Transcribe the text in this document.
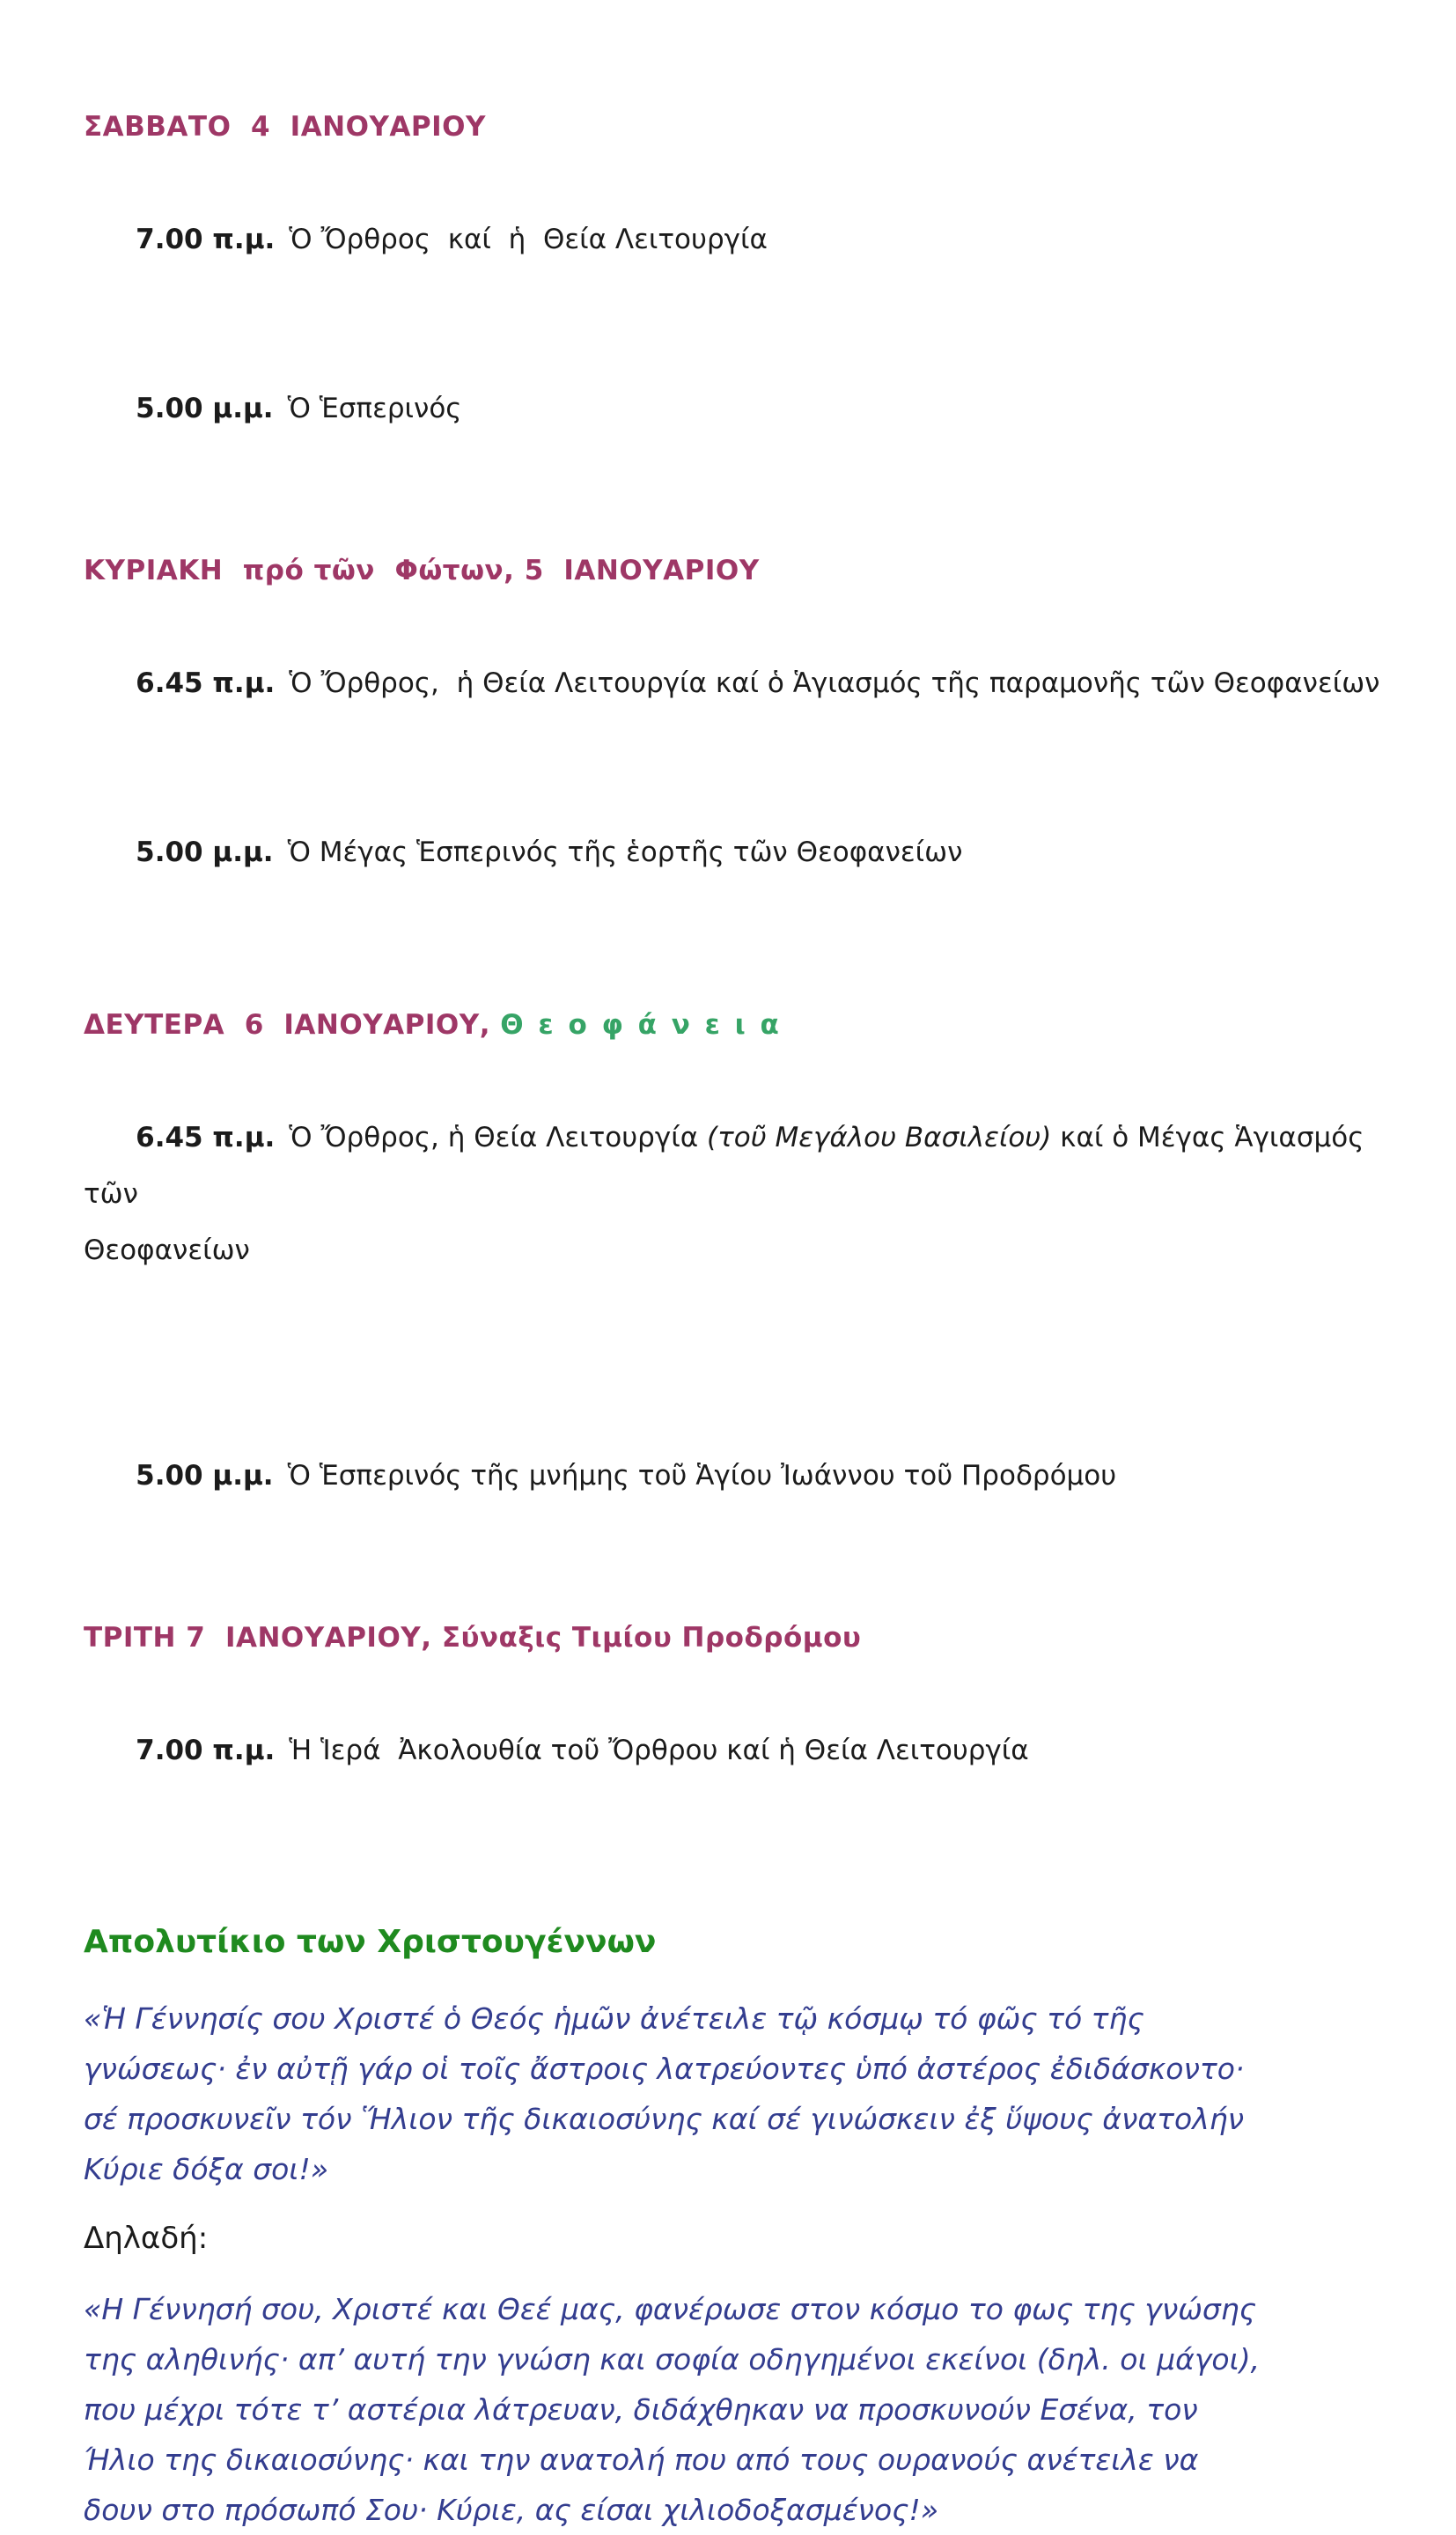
ΣΑΒΒΑΤΟ  4  ΙΑΝΟΥΑΡΙΟΥ

7.00 π.μ. Ὁ Ὄρθρος  καί  ἡ  Θεία Λειτουργία

5.00 μ.μ. Ὁ Ἑσπερινός

ΚΥΡΙΑΚΗ  πρό τῶν  Φώτων, 5  ΙΑΝΟΥΑΡΙΟΥ

6.45 π.μ. Ὁ Ὄρθρος,  ἡ Θεία Λειτουργία καί ὁ Ἁγιασμός τῆς παραμονῆς τῶν Θεοφανείων

5.00 μ.μ. Ὁ Μέγας Ἑσπερινός τῆς ἑορτῆς τῶν Θεοφανείων

ΔΕΥΤΕΡΑ  6  ΙΑΝΟΥΑΡΙΟΥ, Θ ε ο φ ά ν ε ι α

6.45 π.μ. Ὁ Ὄρθρος, ἡ Θεία Λειτουργία (τοῦ Μεγάλου Βασιλείου) καί ὁ Μέγας Ἁγιασμός τῶν
Θεοφανείων

5.00 μ.μ. Ὁ Ἑσπερινός τῆς μνήμης τοῦ Ἁγίου Ἰωάννου τοῦ Προδρόμου

ΤΡΙΤΗ 7  ΙΑΝΟΥΑΡΙΟΥ, Σύναξις Τιμίου Προδρόμου

7.00 π.μ. Ἡ Ἱερά  Ἀκολουθία τοῦ Ὄρθρου καί ἡ Θεία Λειτουργία

Απολυτίκιο των Χριστουγέννων
«Ἡ Γέννησίς σου Χριστέ ὁ Θεός ἡμῶν ἀνέτειλε τῷ κόσμῳ τό φῶς τό τῆς
γνώσεως· ἐν αὐτῇ γάρ οἱ τοῖς ἄστροις λατρεύοντες ὑπό ἀστέρος ἐδιδάσκοντο·
σέ προσκυνεῖν τόν Ἥλιον τῆς δικαιοσύνης καί σέ γινώσκειν ἐξ ὕψους ἀνατολήν
Κύριε δόξα σοι!»

Δηλαδή:

«Η Γέννησή σου, Χριστέ και Θεέ μας, φανέρωσε στον κόσμο το φως της γνώσης
της αληθινής· απ’ αυτή την γνώση και σοφία οδηγημένοι εκείνοι (δηλ. οι μάγοι),
που μέχρι τότε τ’ αστέρια λάτρευαν, διδάχθηκαν να προσκυνούν Εσένα, τον
Ήλιο της δικαιοσύνης· και την ανατολή που από τους ουρανούς ανέτειλε να
δουν στο πρόσωπό Σου· Κύριε, ας είσαι χιλιοδοξασμένος!»
